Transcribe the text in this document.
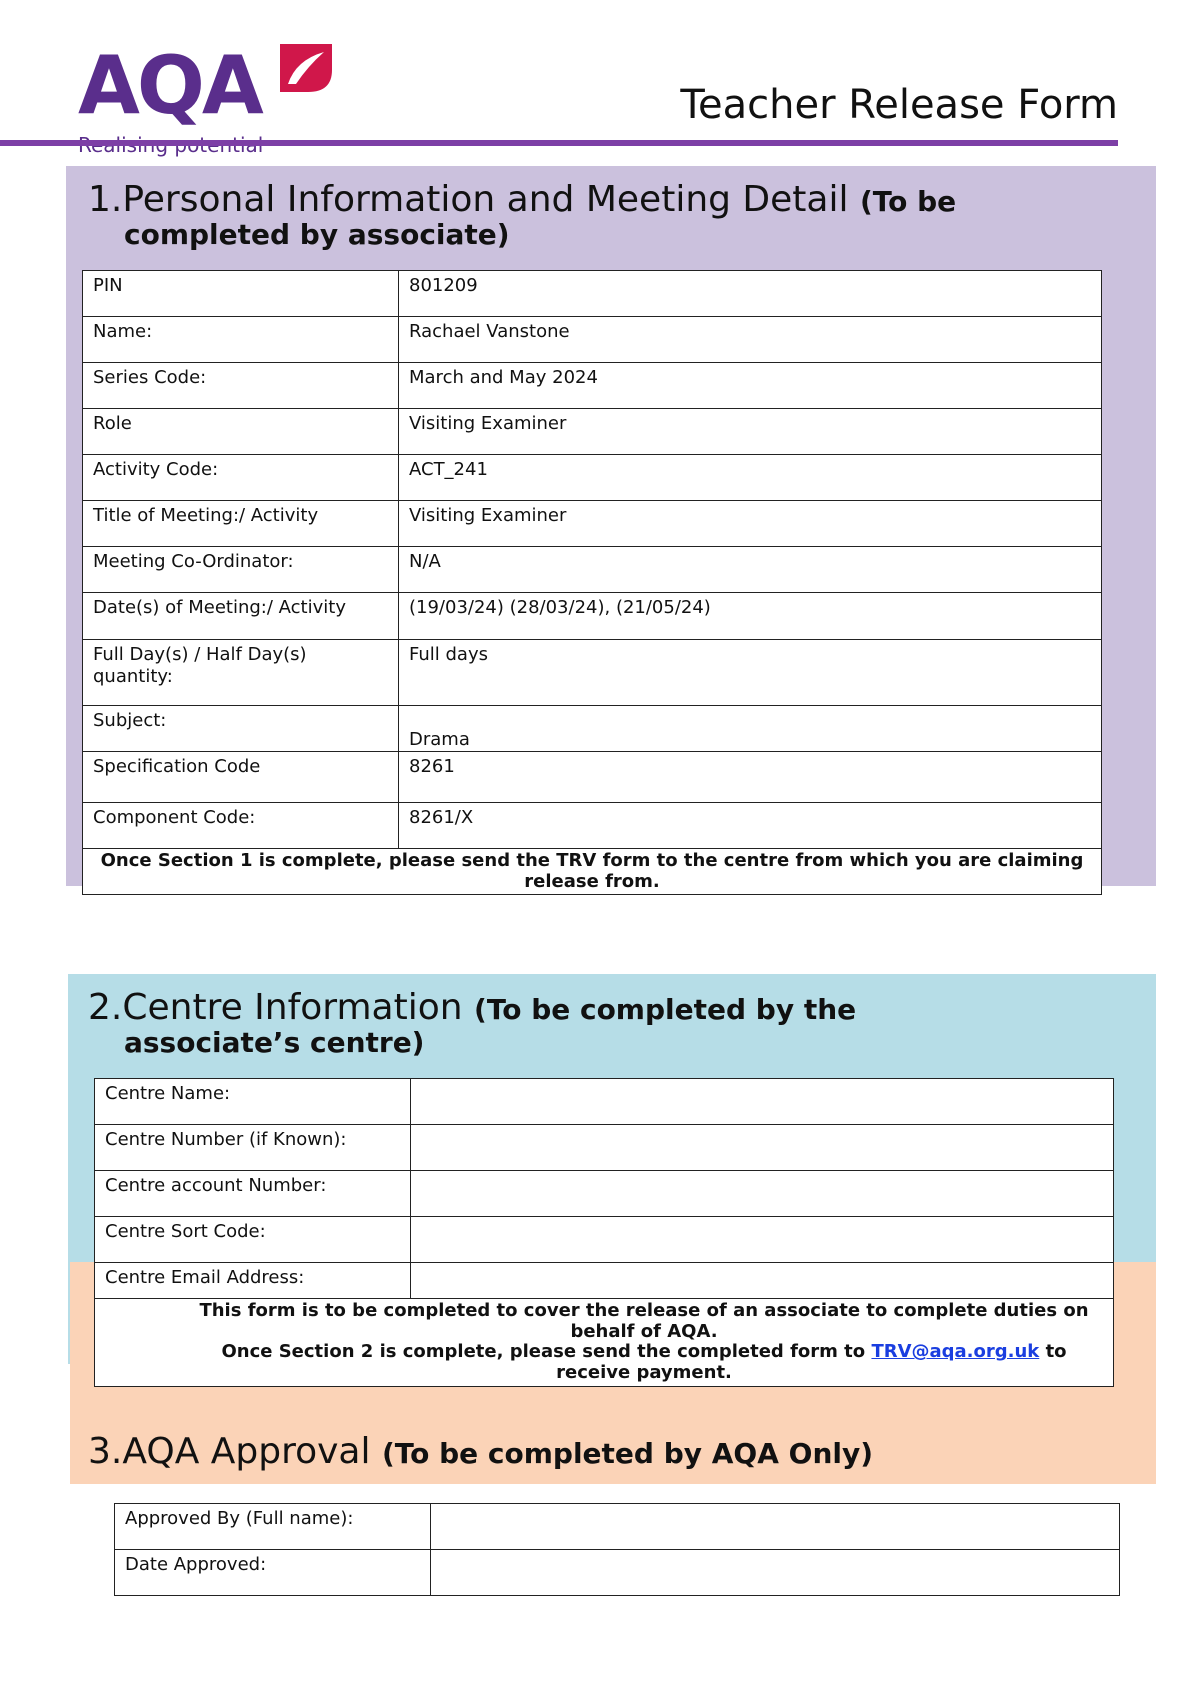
AQA	Teacher Release Form
1.Personal Information and Meeting Detail (To be
completed by associate)
PIN	801209
Name:	Rachael Vanstone
Series Code:	March and May 2024
Role	Visiting Examiner
Activity Code:	ACT_241
Title of Meeting:/ Activity	Visiting Examiner
Meeting Co-Ordinator:	N/A
Date(s) of Meeting:/ Activity	(19/03/24) (28/03/24), (21/05/24)
Full Day(s) / Half Day(s) quantity:	Full days
Subject:	Drama
Specification Code	8261
Component Code:	8261/X
Once Section 1 is complete, please send the TRV form to the centre from which you are claiming release from.	
2.Centre Information (To be completed by the
associate’s centre)
Centre Name:	
Centre Number (if Known):	
Centre account Number:	
Centre Sort Code:	
Centre Email Address:	
This form is to be completed to cover the release of an associate to complete duties on behalf of AQA.
Once Section 2 is complete, please send the completed form to TRV@aqa.org.uk to receive payment.	
3.AQA Approval (To be completed by AQA Only)
Approved By (Full name):	
Date Approved:	
